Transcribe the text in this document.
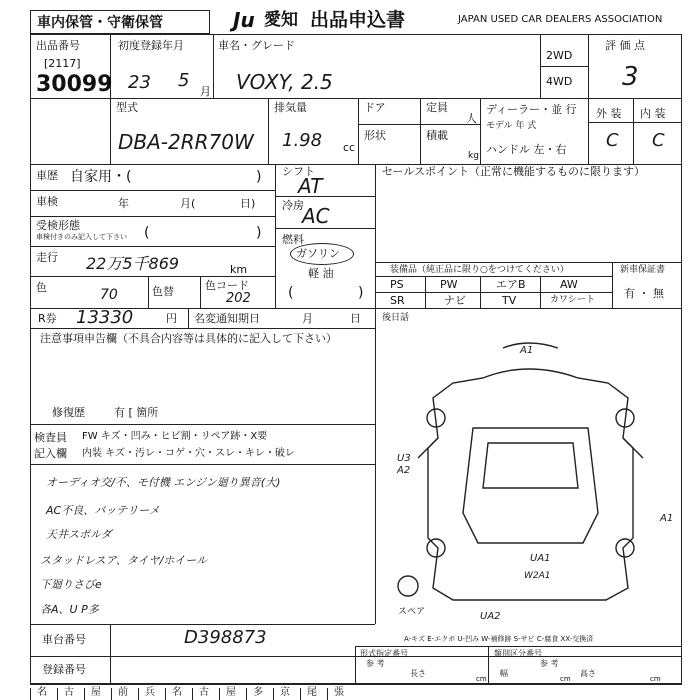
車内保管・守衛保管	Ju 愛知 出品申込書	JAPAN USED CAR DEALERS ASSOCIATION
出品番号
[2117]
30099
初度登録年月
23 5
月
車名・グレード
VOXY, 2.5
2WD
4WD
評 価 点
3
型式
DBA-2RR70W
排気量
1.98 cc
ドア	定員
人
形状	積載
kg
ディーラー・並 行
モデル 年 式
ハンドル 左・右
外 装 内 装
C C
車歴 自家用・(	)
車検	年	月(	日)
受検形態
車検付きのみ記入して下さい (	)
走行 22万5千869	km
色	70	色替	色コード
202
シフト
AT
冷房
AC
燃料
ガソリン
軽 油
(	)
セールスポイント（正常に機能するものに限ります）
装備品（純正品に限り○をつけてください）
PS	PW	エアB	AW
SR	ナビ	TV	カワシート
新車保証書
有 ・ 無
R券 13330	円 名変通知期日	月	日 後日話
注意事項申告欄（不具合内容等は具体的に記入して下さい）
修復歴	有 [ 箇所
検査員
記入欄
FW キズ・凹み・ヒビ割・リペア跡・X要
内装 キズ・汚レ・コゲ・穴・スレ・キレ・破レ
オーディオ交/不、モ付機 エンジン廻り異音(大)
AC不良、バッテリーメ
天井スポルダ
スタッドレスア、タイヤ/ホイール
下廻りさびe
各A、U P多
A1
U3
A2
A1
UA1
W2A1
UA2
スペア
A-キズ E-エクボ U-凹み W-補修跡 S-サビ C-腐食 XX-交換済
車台番号	D398873
登録番号
形式指定番号
参 考
類別区分番号
参 考
長さ	幅	高さ
cm	cm	cm
名	古	屋	前	兵	名	古	屋	多	京	尾	張
